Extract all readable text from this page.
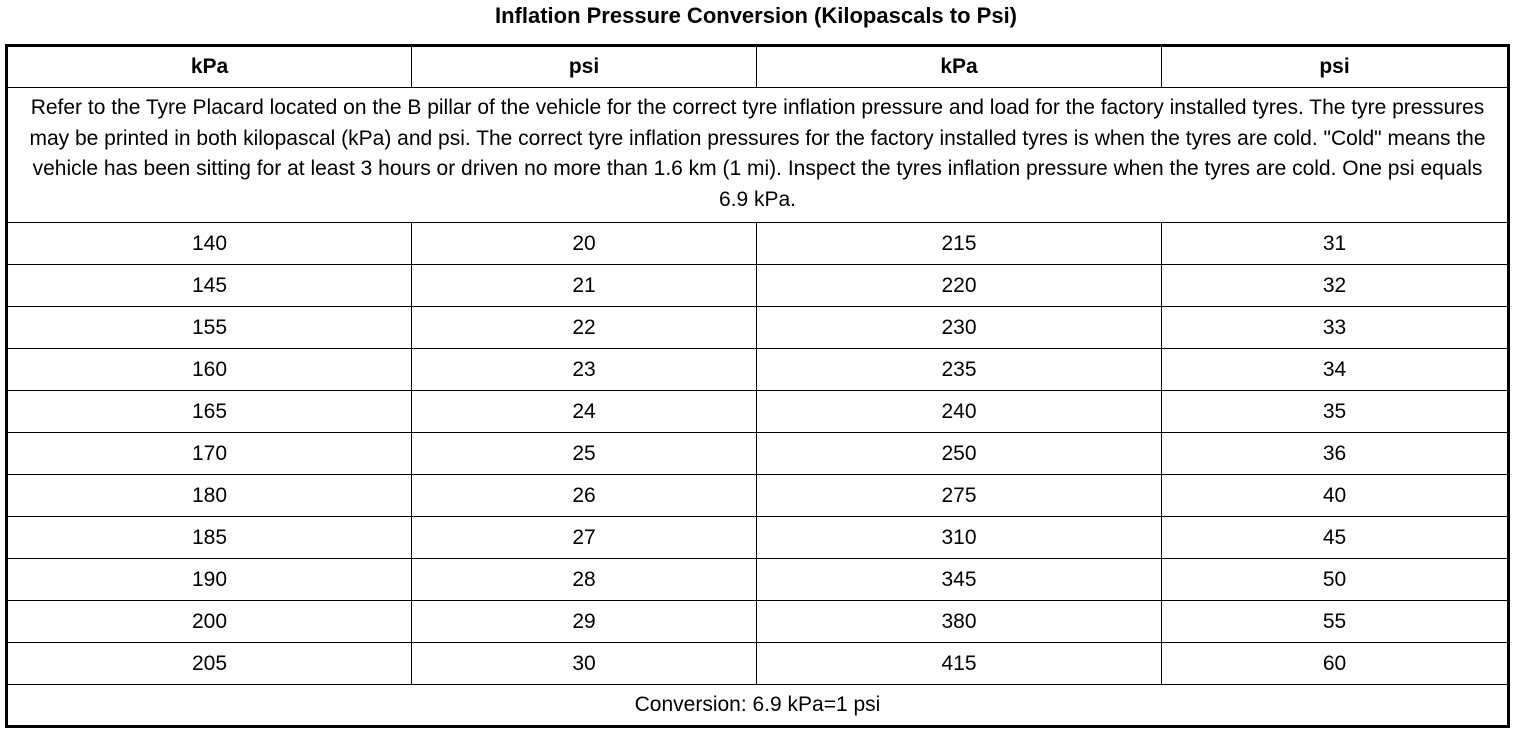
Inflation Pressure Conversion (Kilopascals to Psi)
kPa	psi	kPa	psi
Refer to the Tyre Placard located on the B pillar of the vehicle for the correct tyre inflation pressure and load for the factory installed tyres. The tyre pressures may be printed in both kilopascal (kPa) and psi. The correct tyre inflation pressures for the factory installed tyres is when the tyres are cold. "Cold" means the vehicle has been sitting for at least 3 hours or driven no more than 1.6 km (1 mi). Inspect the tyres inflation pressure when the tyres are cold. One psi equals 6.9 kPa.			
140	20	215	31
145	21	220	32
155	22	230	33
160	23	235	34
165	24	240	35
170	25	250	36
180	26	275	40
185	27	310	45
190	28	345	50
200	29	380	55
205	30	415	60
Conversion: 6.9 kPa=1 psi			
